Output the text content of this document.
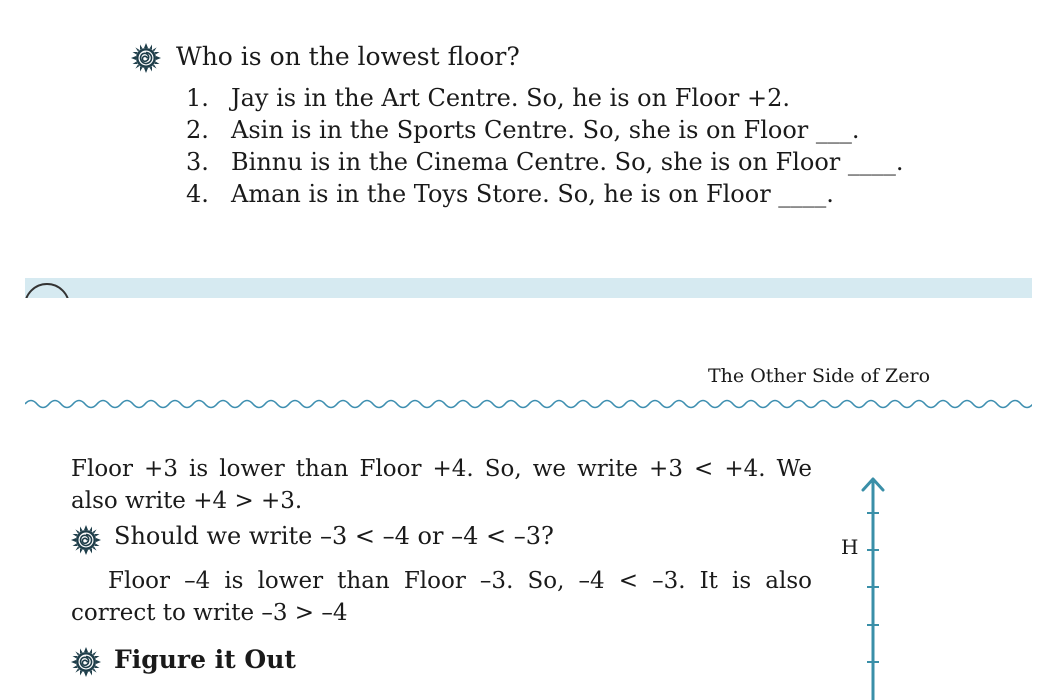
Who is on the lowest floor?
1. Jay is in the Art Centre. So, he is on Floor +2.
2. Asin is in the Sports Centre. So, she is on Floor ___.
3. Binnu is in the Cinema Centre. So, she is on Floor ____.
4. Aman is in the Toys Store. So, he is on Floor ____.
The Other Side of Zero
Floor +3 is lower than Floor +4. So, we write +3 < +4. We also write +4 > +3.
Should we write –3 < –4 or –4 < –3?
Floor –4 is lower than Floor –3. So, –4 < –3. It is also correct to write –3 > –4
Figure it Out
H
